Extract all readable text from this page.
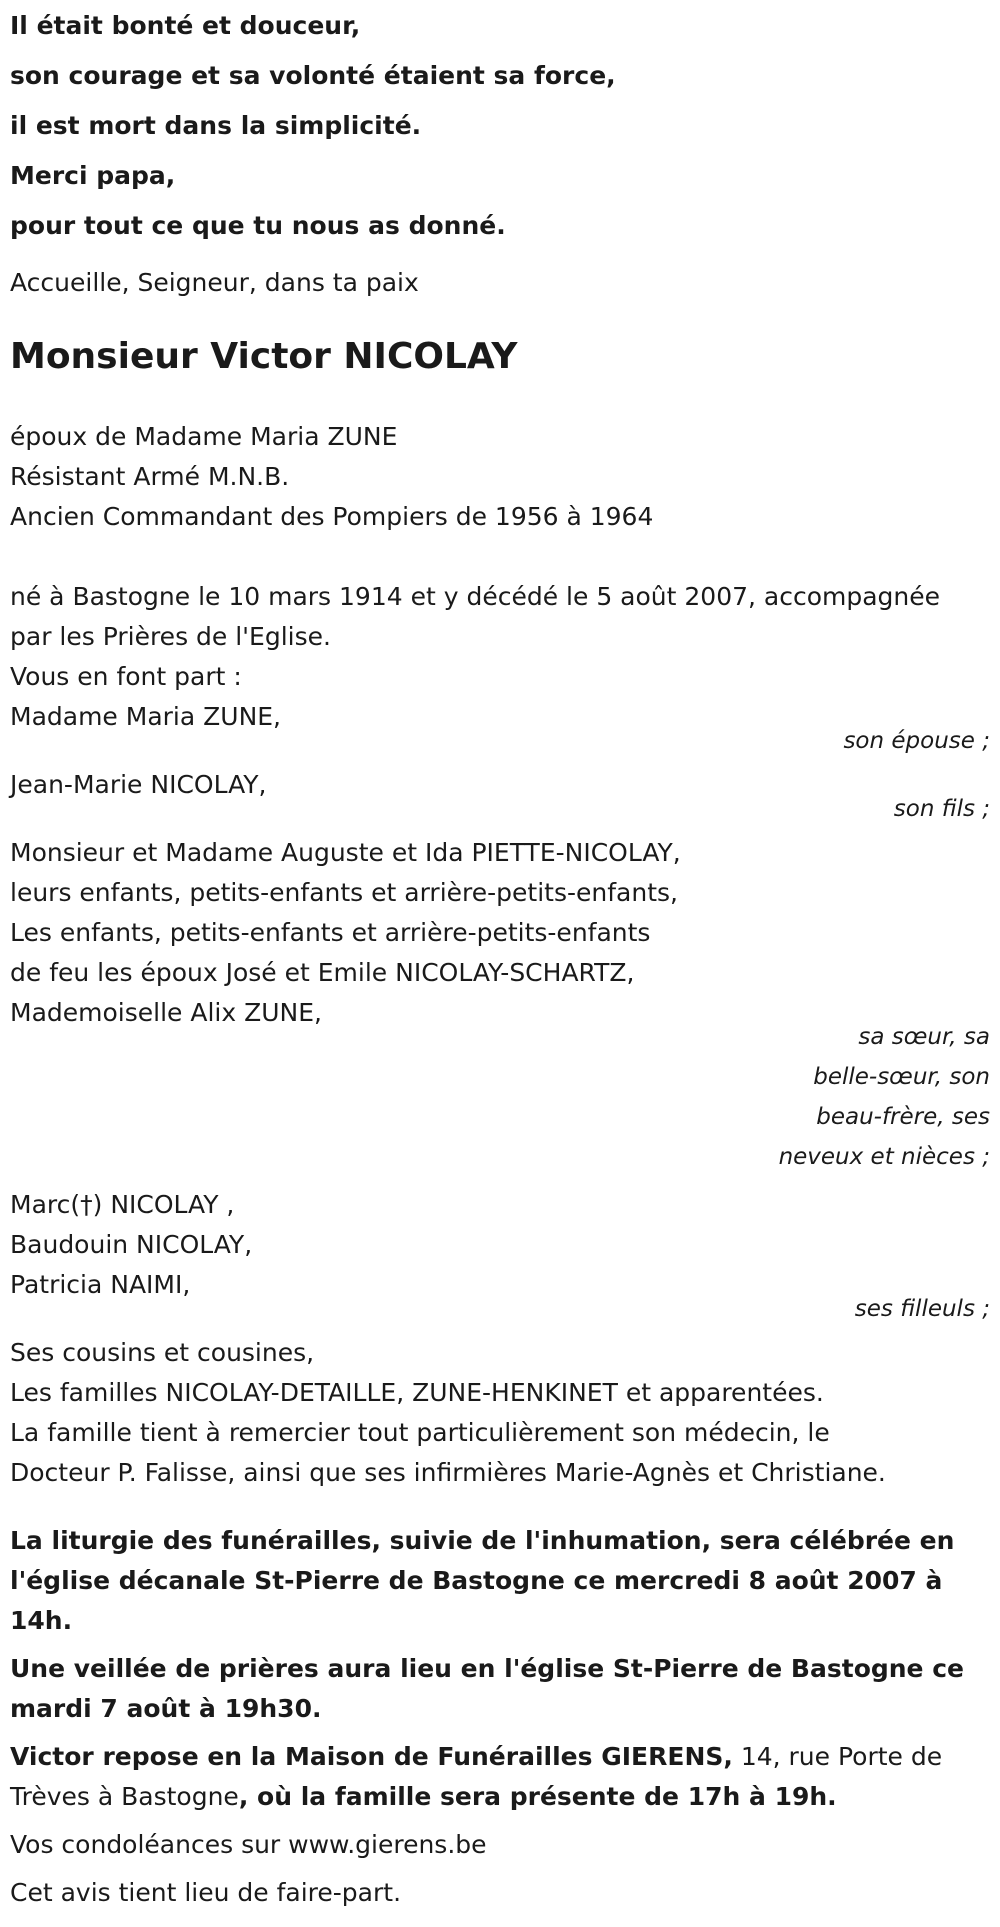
Il était bonté et douceur,

son courage et sa volonté étaient sa force,

il est mort dans la simplicité.

Merci papa,

pour tout ce que tu nous as donné.

Accueille, Seigneur, dans ta paix

Monsieur Victor NICOLAY

époux de Madame Maria ZUNE

Résistant Armé M.N.B.

Ancien Commandant des Pompiers de 1956 à 1964

né à Bastogne le 10 mars 1914 et y décédé le 5 août 2007, accompagnée

par les Prières de l'Eglise.

Vous en font part :

Madame Maria ZUNE,

son épouse ;

Jean-Marie NICOLAY,

son fils ;

Monsieur et Madame Auguste et Ida PIETTE-NICOLAY,

leurs enfants, petits-enfants et arrière-petits-enfants,

Les enfants, petits-enfants et arrière-petits-enfants

de feu les époux José et Emile NICOLAY-SCHARTZ,

Mademoiselle Alix ZUNE,

sa sœur, sa

belle-sœur, son

beau-frère, ses

neveux et nièces ;

Marc(†) NICOLAY ,

Baudouin NICOLAY,

Patricia NAIMI,

ses filleuls ;

Ses cousins et cousines,

Les familles NICOLAY-DETAILLE, ZUNE-HENKINET et apparentées.

La famille tient à remercier tout particulièrement son médecin, le

Docteur P. Falisse, ainsi que ses infirmières Marie-Agnès et Christiane.

La liturgie des funérailles, suivie de l'inhumation, sera célébrée en

l'église décanale St-Pierre de Bastogne ce mercredi 8 août 2007 à 14h.

Une veillée de prières aura lieu en l'église St-Pierre de Bastogne ce

mardi 7 août à 19h30.

Victor repose en la Maison de Funérailles GIERENS, 14, rue Porte de

Trèves à Bastogne, où la famille sera présente de 17h à 19h.

Vos condoléances sur www.gierens.be

Cet avis tient lieu de faire-part.
